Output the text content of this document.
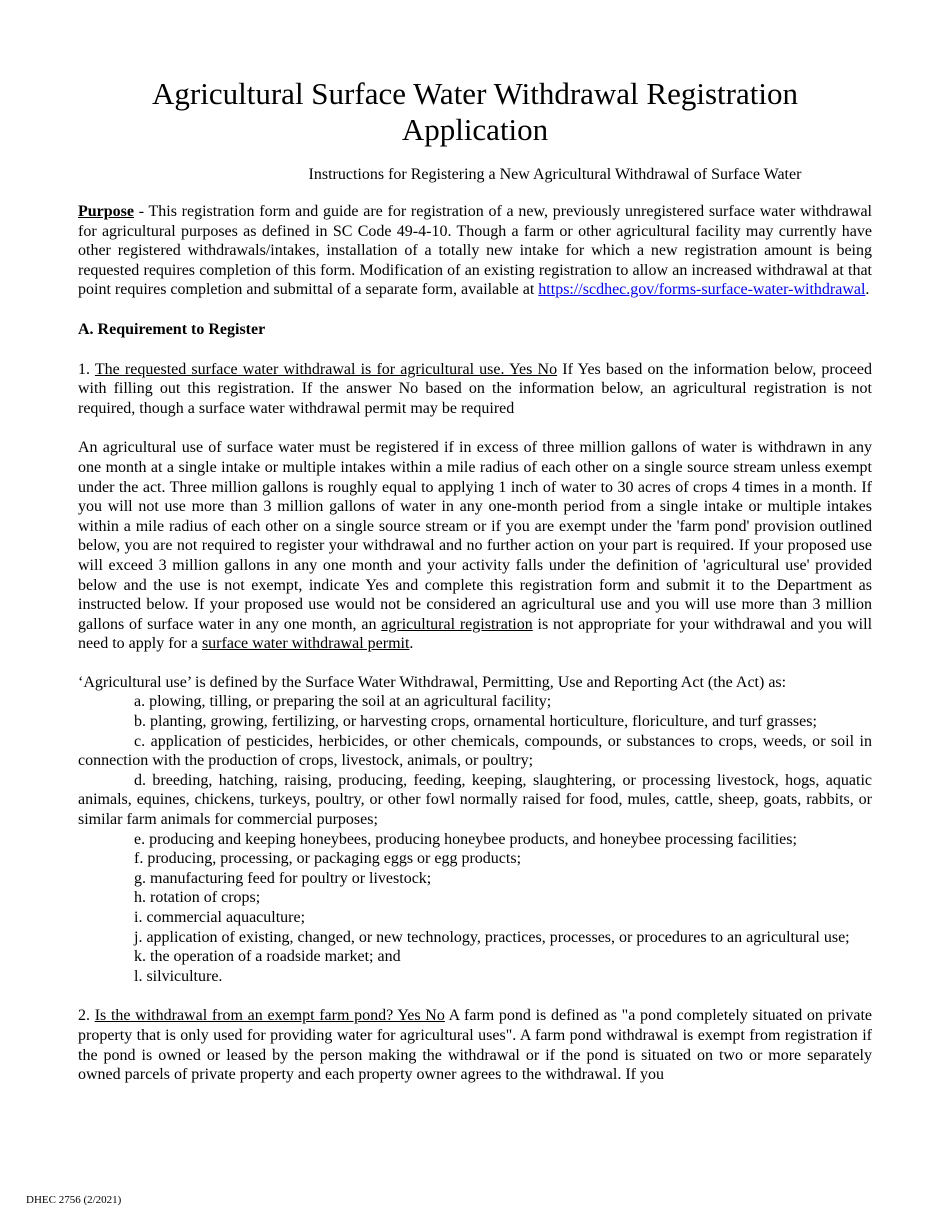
Agricultural Surface Water Withdrawal Registration Application
Instructions for Registering a New Agricultural Withdrawal of Surface Water

Purpose - This registration form and guide are for registration of a new, previously unregistered surface water withdrawal for agricultural purposes as defined in SC Code 49-4-10. Though a farm or other agricultural facility may currently have other registered withdrawals/intakes, installation of a totally new intake for which a new registration amount is being requested requires completion of this form. Modification of an existing registration to allow an increased withdrawal at that point requires completion and submittal of a separate form, available at https://scdhec.gov/forms-surface-water-withdrawal.

A. Requirement to Register

1. The requested surface water withdrawal is for agricultural use. Yes No If Yes based on the information below, proceed with filling out this registration. If the answer No based on the information below, an agricultural registration is not required, though a surface water withdrawal permit may be required

An agricultural use of surface water must be registered if in excess of three million gallons of water is withdrawn in any one month at a single intake or multiple intakes within a mile radius of each other on a single source stream unless exempt under the act. Three million gallons is roughly equal to applying 1 inch of water to 30 acres of crops 4 times in a month. If you will not use more than 3 million gallons of water in any one-month period from a single intake or multiple intakes within a mile radius of each other on a single source stream or if you are exempt under the 'farm pond' provision outlined below, you are not required to register your withdrawal and no further action on your part is required. If your proposed use will exceed 3 million gallons in any one month and your activity falls under the definition of 'agricultural use' provided below and the use is not exempt, indicate Yes and complete this registration form and submit it to the Department as instructed below. If your proposed use would not be considered an agricultural use and you will use more than 3 million gallons of surface water in any one month, an agricultural registration is not appropriate for your withdrawal and you will need to apply for a surface water withdrawal permit.

‘Agricultural use’ is defined by the Surface Water Withdrawal, Permitting, Use and Reporting Act (the Act) as:

a. plowing, tilling, or preparing the soil at an agricultural facility;

b. planting, growing, fertilizing, or harvesting crops, ornamental horticulture, floriculture, and turf grasses;

c. application of pesticides, herbicides, or other chemicals, compounds, or substances to crops, weeds, or soil in connection with the production of crops, livestock, animals, or poultry;

d. breeding, hatching, raising, producing, feeding, keeping, slaughtering, or processing livestock, hogs, aquatic animals, equines, chickens, turkeys, poultry, or other fowl normally raised for food, mules, cattle, sheep, goats, rabbits, or similar farm animals for commercial purposes;

e. producing and keeping honeybees, producing honeybee products, and honeybee processing facilities;

f. producing, processing, or packaging eggs or egg products;

g. manufacturing feed for poultry or livestock;

h. rotation of crops;

i. commercial aquaculture;

j. application of existing, changed, or new technology, practices, processes, or procedures to an agricultural use;

k. the operation of a roadside market; and

l. silviculture.

2. Is the withdrawal from an exempt farm pond? Yes No A farm pond is defined as "a pond completely situated on private property that is only used for providing water for agricultural uses". A farm pond withdrawal is exempt from registration if the pond is owned or leased by the person making the withdrawal or if the pond is situated on two or more separately owned parcels of private property and each property owner agrees to the withdrawal. If you

DHEC 2756 (2/2021)
